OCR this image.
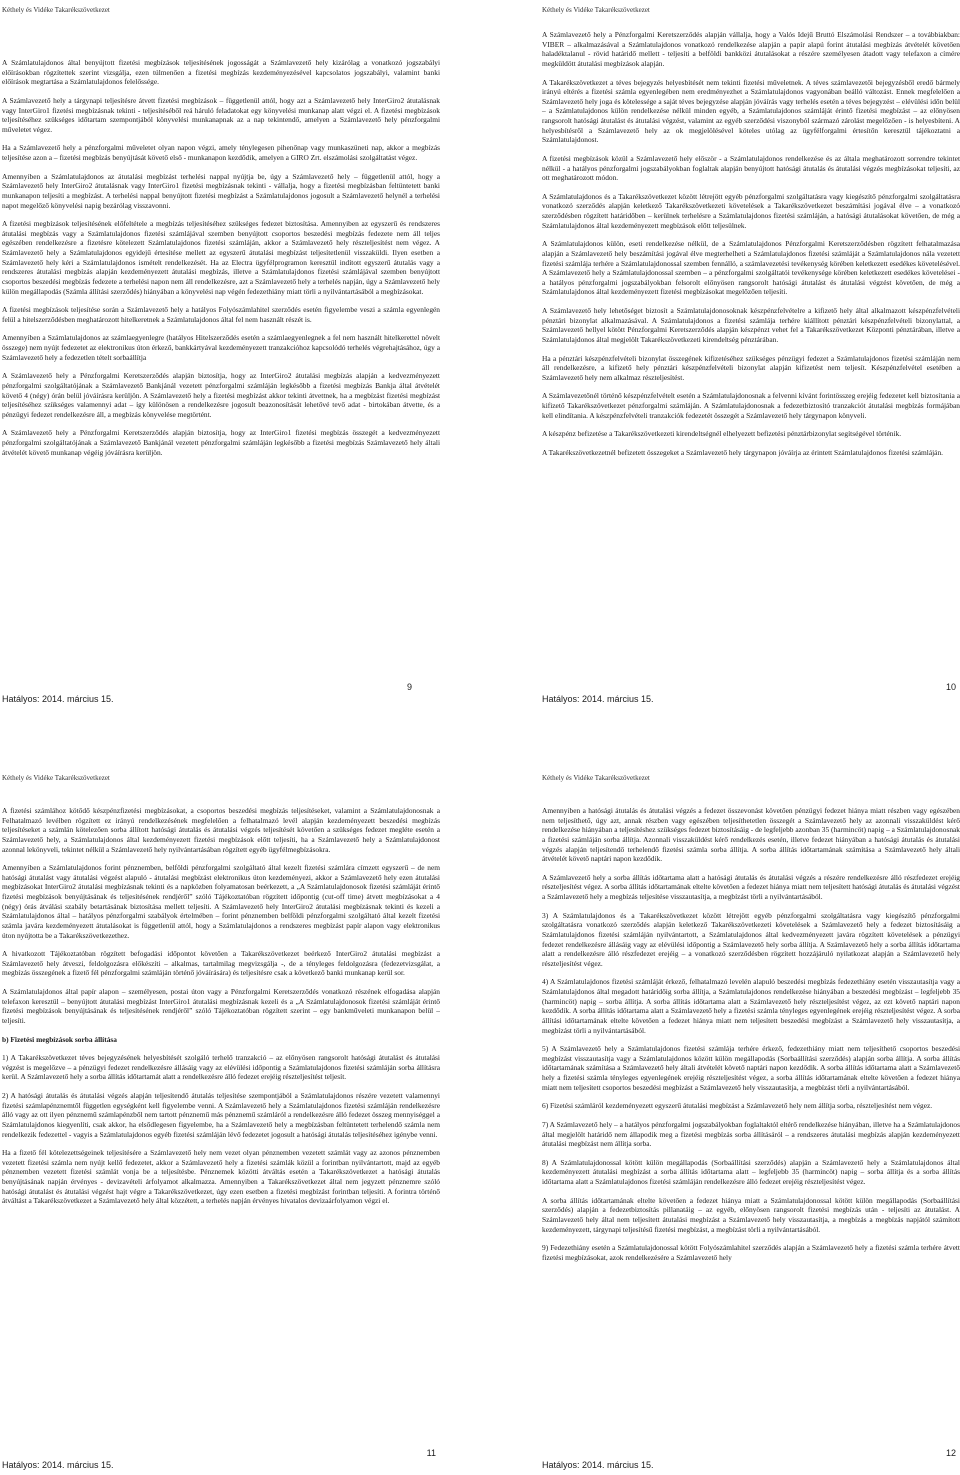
Kéthely és Vidéke Takarékszövetkezet

A Számlatulajdonos által benyújtott fizetési megbízások teljesítésének jogosságát a Számlavezető hely kizárólag a vonatkozó jogszabályi előírásokban rögzítettek szerint vizsgálja, ezen túlmenően a fizetési megbízás kezdeményezésével kapcsolatos jogszabályi, valamint banki előírások megtartása a Számlatulajdonos felelőssége.

A Számlavezető hely a tárgynapi teljesítésre átvett fizetési megbízások – függetlenül attól, hogy azt a Számlavezető hely InterGiro2 átutalásnak vagy InterGiro1 fizetési megbízásnak tekinti - teljesítéséből reá háruló feladatokat egy könyvelési munkanap alatt végzi el. A fizetési megbízások teljesítéséhez szükséges időtartam szempontjából könyvelési munkanapnak az a nap tekintendő, amelyen a Számlavezető hely pénzforgalmi műveletet végez.

Ha a Számlavezető hely a pénzforgalmi műveletet olyan napon végzi, amely ténylegesen pihenőnap vagy munkaszüneti nap, akkor a megbízás teljesítése azon a – fizetési megbízás benyújtását követő első - munkanapon kezdődik, amelyen a GIRO Zrt. elszámolási szolgáltatást végez.

Amennyiben a Számlatulajdonos az átutalási megbízást terhelési nappal nyújtja be, úgy a Számlavezető hely – függetlenül attól, hogy a Számlavezető hely InterGiro2 átutalásnak vagy InterGiro1 fizetési megbízásnak tekinti - vállalja, hogy a fizetési megbízásban feltüntetett banki munkanapon teljesíti a megbízást. A terhelési nappal benyújtott fizetési megbízást a Számlatulajdonos jogosult a Számlavezető helynél a terhelési napot megelőző könyvelési napig bezárólag visszavonni.

A fizetési megbízások teljesítésének előfeltétele a megbízás teljesítéséhez szükséges fedezet biztosítása. Amennyiben az egyszerű és rendszeres átutalási megbízás vagy a Számlatulajdonos fizetési számlájával szemben benyújtott csoportos beszedési megbízás fedezete nem áll teljes egészében rendelkezésre a fizetésre kötelezett Számlatulajdonos fizetési számláján, akkor a Számlavezető hely részteljesítést nem végez. A Számlavezető hely a Számlatulajdonos egyidejű értesítése mellett az egyszerű átutalási megbízást teljesítetlenül visszaküldi. Ilyen esetben a Számlavezető hely kéri a Számlatulajdonos ismételt rendelkezését. Ha az Electra ügyfélprogramon keresztül indított egyszerű átutalás vagy a rendszeres átutalási megbízás alapján kezdeményezett átutalási megbízás, illetve a Számlatulajdonos fizetési számlájával szemben benyújtott csoportos beszedési megbízás fedezete a terhelési napon nem áll rendelkezésre, azt a Számlavezető hely a terhelés napján, úgy a Számlavezető hely külön megállapodás (Számla állítási szerződés) hiányában a könyvelési nap végén fedezethiány miatt törli a nyilvántartásából a megbízásokat.

A fizetési megbízások teljesítése során a Számlavezető hely a hatályos Folyószámlahitel szerződés esetén figyelembe veszi a számla egyenlegén felül a hitelszerződésben meghatározott hitelkeretnek a Számlatulajdonos által fel nem használt részét is.

Amennyiben a Számlatulajdonos az számlaegyenlegre (hatályos Hitelszerződés esetén a számlaegyenlegnek a fel nem használt hitelkerettel növelt összege) nem nyújt fedezetet az elektronikus úton érkező, bankkártyával kezdeményezett tranzakcióhoz kapcsolódó terhelés végrehajtásához, úgy a Számlavezető hely a fedezetlen tételt sorbaállítja

A Számlavezető hely a Pénzforgalmi Keretszerződés alapján biztosítja, hogy az InterGiro2 átutalási megbízás alapján a kedvezményezett pénzforgalmi szolgáltatójának a Számlavezető Bankjánál vezetett pénzforgalmi számláján legkésőbb a fizetési megbízás Bankja által átvételét követő 4 (négy) órán belül jóváírásra kerüljön. A Számlavezető hely a fizetési megbízást akkor tekinti átvettnek, ha a megbízást fizetési megbízást teljesítéséhez szükséges valamennyi adat – így különösen a rendelkezésre jogosult beazonosítását lehetővé tevő adat - birtokában átvette, és a pénzügyi fedezet rendelkezésre áll, a megbízás könyvelése megtörtént.

A Számlavezető hely a Pénzforgalmi Keretszerződés alapján biztosítja, hogy az InterGiro1 fizetési megbízás összegét a kedvezményezett pénzforgalmi szolgáltatójának a Számlavezető Bankjánál vezetett pénzforgalmi számláján legkésőbb a fizetési megbízás Számlavezető hely általi átvételét követő munkanap végéig jóváírásra kerüljön.

9
Hatályos: 2014. március 15.
Kéthely és Vidéke Takarékszövetkezet

A Számlavezető hely a Pénzforgalmi Keretszerződés alapján vállalja, hogy a Valós Idejű Bruttó Elszámolási Rendszer – a továbbiakban: VIBER – alkalmazásával a Számlatulajdonos vonatkozó rendelkezése alapján a papír alapú forint átutalási megbízás átvételét követően haladéktalanul - rövid határidő mellett - teljesíti a belföldi bankközi átutalásokat a részére személyesen átadott vagy telefaxon a címére megküldött átutalási megbízások alapján.

A Takarékszövetkezet a téves bejegyzés helyesbítését nem tekinti fizetési műveletnek. A téves számlavezetői bejegyzésből eredő bármely irányú eltérés a fizetési számla egyenlegében nem eredményezhet a Számlatulajdonos vagyonában beálló változást. Ennek megfelelően a Számlavezető hely joga és kötelessége a saját téves bejegyzése alapján jóváírás vagy terhelés esetén a téves bejegyzést – elévülési időn belül – a Számlatulajdonos külön rendelkezése nélkül minden egyéb, a Számlatulajdonos számláját érintő fizetési megbízást – az előnyösen rangsorolt hatósági átutalást és átutalási végzést, valamint az egyéb szerződési viszonyból származó zárolást megelőzően - is helyesbíteni. A helyesbítésről a Számlavezető hely az ok megjelölésével köteles utólag az ügyfélforgalmi értesítőn keresztül tájékoztatni a Számlatulajdonost.

A fizetési megbízások közül a Számlavezető hely először - a Számlatulajdonos rendelkezése és az általa meghatározott sorrendre tekintet nélkül - a hatályos pénzforgalmi jogszabályokban foglaltak alapján benyújtott hatósági átutalás és átutalási végzés megbízásokat teljesíti, az ott meghatározott módon.

A Számlatulajdonos és a Takarékszövetkezet között létrejött egyéb pénzforgalmi szolgáltatásra vagy kiegészítő pénzforgalmi szolgáltatásra vonatkozó szerződés alapján keletkező Takarékszövetkezeti követelések a Takarékszövetkezet beszámítási jogával élve – a vonatkozó szerződésben rögzített határidőben – kerülnek terhelésre a Számlatulajdonos fizetési számláján, a hatósági átutalásokat követően, de még a Számlatulajdonos által kezdeményezett megbízások előtt teljesülnek.

A Számlatulajdonos külön, eseti rendelkezése nélkül, de a Számlatulajdonos Pénzforgalmi Keretszerződésben rögzített felhatalmazása alapján a Számlavezető hely beszámítási jogával élve megterhelheti a Számlatulajdonos fizetési számláját a Számlatulajdonos nála vezetett fizetési számlája terhére a Számlatulajdonossal szemben fennálló, a számlavezetési tevékenység körében keletkezett esedékes követelésével. A Számlavezető hely a Számlatulajdonossal szemben – a pénzforgalmi szolgáltatói tevékenysége körében keletkezett esedékes követelései - a hatályos pénzforgalmi jogszabályokban felsorolt előnyösen rangsorolt hatósági átutalást és átutalási végzést követően, de még a Számlatulajdonos által kezdeményezett fizetési megbízásokat megelőzően teljesíti.

A Számlavezető hely lehetőséget biztosít a Számlatulajdonosoknak készpénzfelvételre a kifizető hely által alkalmazott készpénzfelvételi pénztári bizonylat alkalmazásával. A Számlatulajdonos a fizetési számlája terhére kiállított pénztári készpénzfelvételi bizonylattal, a Számlavezető hellyel kötött Pénzforgalmi Keretszerződés alapján készpénzt vehet fel a Takarékszövetkezet Központi pénztárában, illetve a Számlatulajdonos által megjelölt Takarékszövetkezeti kirendeltség pénztárában.

Ha a pénztári készpénzfelvételi bizonylat összegének kifizetéséhez szükséges pénzügyi fedezet a Számlatulajdonos fizetési számláján nem áll rendelkezésre, a kifizető hely pénztári készpénzfelvételi bizonylat alapján kifizetést nem teljesít. Készpénzfelvétel esetében a Számlavezető hely nem alkalmaz részteljesítést.

A Számlavezetőnél történő készpénzfelvételt esetén a Számlatulajdonosnak a felvenni kívánt forintösszeg erejéig fedezetet kell biztosítania a kifizető Takarékszövetkezet pénzforgalmi számláján. A Számlatulajdonosnak a fedezetbiztosító tranzakciót átutalási megbízás formájában kell elindítania. A készpénzfelvételi tranzakciók fedezetét összegét a Számlavezető hely tárgynapon könyveli.

A készpénz befizetése a Takarékszövetkezeti kirendeltségnél elhelyezett befizetési pénztárbizonylat segítségével történik.

A Takarékszövetkezetnél befizetett összegeket a Számlavezető hely tárgynapon jóváírja az érintett Számlatulajdonos fizetési számláján.

10
Hatályos: 2014. március 15.
Kéthely és Vidéke Takarékszövetkezet

A fizetési számlához kötődő készpénzfizetési megbízásokat, a csoportos beszedési megbízás teljesítéseket, valamint a Számlatulajdonosnak a Felhatalmazó levélben rögzített ez irányú rendelkezésének megfelelően a felhatalmazó levél alapján kezdeményezett beszedési megbízás teljesítéseket a számlán kötelezően sorba állított hatósági átutalás és átutalási végzés teljesítését követően a szükséges fedezet megléte esetén a Számlavezető hely, a Számlatulajdonos által kezdeményezett fizetési megbízások előtt teljesíti, ha a Számlavezető hely a Számlatulajdonost azonnal lekönyveli, tekintet nélkül a Számlavezető hely nyilvántartásában rögzített egyéb ügyfélmegbízásokra.

Amennyiben a Számlatulajdonos forint pénznemben, belföldi pénzforgalmi szolgáltató által kezelt fizetési számlára címzett egyszerű – de nem hatósági átutalást vagy átutalási végzést alapuló - átutalási megbízást elektronikus úton kezdeményezi, akkor a Számlavezető hely ezen átutalási megbízásokat InterGiro2 átutalási megbízásnak tekinti és a napközben folyamatosan beérkezett, a „A Számlatulajdonosok fizetési számláját érintő fizetési megbízások benyújtásának és teljesítésének rendjéről” szóló Tájékoztatóban rögzített időpontig (cut-off time) átvett megbízásokat a 4 (négy) órás átválási szabály betartásának biztosítása mellett teljesíti. A Számlavezető hely InterGiro2 átutalási megbízásnak tekinti és kezeli a Számlatulajdonos által – hatályos pénzforgalmi szabályok értelmében – forint pénznemben belföldi pénzforgalmi szolgáltató által kezelt fizetési számla javára kezdeményezett átutalásokat is függetlenül attól, hogy a Számlatulajdonos a rendszeres megbízást papír alapon vagy elektronikus úton nyújtotta be a Takarékszövetkezethez.

A hivatkozott Tájékoztatóban rögzített befogadási időpontot követően a Takarékszövetkezet beérkező InterGiro2 átutalási megbízást a Számlavezető hely átveszi, feldolgozásra előkészíti – alkalmas, tartalmilag megvizsgálja -, de a tényleges feldolgozásra (fedezetvizsgálat, a megbízás összegének a fizető fél pénzforgalmi számláján történő jóváírására) és teljesítésre csak a következő banki munkanap kerül sor.

A Számlatulajdonos által papír alapon – személyesen, postai úton vagy a Pénzforgalmi Keretszerződés vonatkozó részének elfogadása alapján telefaxon keresztül – benyújtott átutalási megbízást InterGiro1 átutalási megbízásnak kezeli és a „A Számlatulajdonosok fizetési számláját érintő fizetési megbízások benyújtásának és teljesítésének rendjéről” szóló Tájékoztatóban rögzített szerint – egy bankműveleti munkanapon belül – teljesíti.

b) Fizetési megbízások sorba állítása

1) A Takarékszövetkezet téves bejegyzésének helyesbítését szolgáló terhelő tranzakció – az előnyösen rangsorolt hatósági átutalást és átutalási végzést is megelőzve – a pénzügyi fedezet rendelkezésre állásáig vagy az elévülési időpontig a Számlatulajdonos fizetési számláján sorba állításra kerül. A Számlavezető hely a sorba állítás időtartamát alatt a rendelkezésre álló fedezet erejéig részteljesítést teljesít.

2) A hatósági átutalás és átutalási végzés alapján teljesítendő átutalás teljesítése szempontjából a Számlatulajdonos részére vezetett valamennyi fizetési számlapénznemtől független egységként kell figyelembe venni. A Számlavezető hely a Számlatulajdonos fizetési számláján rendelkezésre álló vagy az ott ilyen pénznemű számlapénzből nem tartott pénznemű más pénznemű számláról a rendelkezésre álló fedezet összeg mennyiséggel a Számlatulajdonos kiegyenlíti, csak akkor, ha elsődlegesen figyelembe, ha a Számlavezető hely a megbízásban feltüntetett terhelendő számla nem rendelkezik fedezettel - vagyis a Számlatulajdonos egyéb fizetési számláján lévő fedezetet jogosult a hatósági átutalás teljesítéséhez igénybe venni.

Ha a fizető fél kötelezettségeinek teljesítésére a Számlavezető hely nem vezet olyan pénznemben vezetett számlát vagy az azonos pénznemben vezetett fizetési számla nem nyújt kellő fedezetet, akkor a Számlavezető hely a fizetési számlák közül a forintban nyilvántartott, majd az egyéb pénznemben vezetett fizetési számlát vonja be a teljesítésbe. Pénznemek közötti átváltás esetén a Takarékszövetkezet a hatósági átutalás benyújtásának napján érvényes - devizavételi árfolyamot alkalmazza. Amennyiben a Takarékszövetkezet által nem jegyzett pénznemre szóló hatósági átutalást és átutalási végzést hajt végre a Takarékszövetkezet, úgy ezen esetben a fizetési megbízást forintban teljesíti. A forintra történő átváltást a Takarékszövetkezet a Számlavezető hely által közzétett, a terhelés napján érvényes hivatalos devizaárfolyamon végzi el.

11
Hatályos: 2014. március 15.
Kéthely és Vidéke Takarékszövetkezet

Amennyiben a hatósági átutalás és átutalási végzés a fedezet összevonást követően pénzügyi fedezet hiánya miatt részben vagy egészében nem teljesíthető, úgy azt, annak részben vagy egészében teljesíthetetlen összegét a Számlavezető hely az azonnali visszaküldést kérő rendelkezése hiányában a teljesítéshez szükséges fedezet biztosításáig - de legfeljebb azonban 35 (harmincöt) napig – a Számlatulajdonosnak a fizetési számláján sorba állítja. Azonnali visszaküldést kérő rendelkezés esetén, illetve fedezet hiányában a hatósági átutalás és átutalási végzés alapján teljesítendő terhelendő fizetési számla sorba állítja. A sorba állítás időtartamának számítása a Számlavezető hely általi átvételét követő naptári napon kezdődik.

A Számlavezető hely a sorba állítás időtartama alatt a hatósági átutalás és átutalási végzés a részére rendelkezésre álló részfedezet erejéig részteljesítést végez. A sorba állítás időtartamának eltelte követően a fedezet hiánya miatt nem teljesített hatósági átutalás és átutalási végzést a Számlavezető hely a megbízás teljesítése visszautasítja, a megbízást törli a nyilvántartásából.

3) A Számlatulajdonos és a Takarékszövetkezet között létrejött egyéb pénzforgalmi szolgáltatásra vagy kiegészítő pénzforgalmi szolgáltatásra vonatkozó szerződés alapján keletkező Takarékszövetkezeti követelések a Számlavezető hely a fedezet biztosításáig a Számlatulajdonos fizetési számláján nyilvántartott, a Számlatulajdonos által kedvezményezett javára rögzített követelések a pénzügyi fedezet rendelkezésre állásáig vagy az elévülési időpontig a Számlavezető hely sorba állítja. A Számlavezető hely a sorba állítás időtartama alatt a rendelkezésre álló részfedezet erejéig – a vonatkozó szerződésben rögzített hozzájáruló nyilatkozat alapján a Számlavezető hely részteljesítést végez.

4) A Számlatulajdonos fizetési számláját érkező, felhatalmazó levelén alapuló beszedési megbízás fedezethiány esetén visszautasítja vagy a Számlatulajdonos által megadott határidőig sorba állítja, a Számlatulajdonos rendelkezése hiányában a beszedési megbízást – legfeljebb 35 (harmincöt) napig – sorba állítja. A sorba állítás időtartama alatt a Számlavezető hely részteljesítést végez, az ezt követő naptári napon kezdődik. A sorba állítás időtartama alatt a Számlavezető hely a fizetési számla tényleges egyenlegének erejéig részteljesítést végez. A sorba állítási időtartamának eltelte követően a fedezet hiánya miatt nem teljesített beszedési megbízást a Számlavezető hely visszautasítja, a megbízást törli a nyilvántartásából.

5) A Számlavezető hely a Számlatulajdonos fizetési számlája terhére érkező, fedezethiány miatt nem teljesíthető csoportos beszedési megbízást visszautasítja vagy a Számlatulajdonos között külön megállapodás (Sorbaállítási szerződés) alapján sorba állítja. A sorba állítás időtartamának számítása a Számlavezető hely általi átvételét követő naptári napon kezdődik. A sorba állítás időtartama alatt a Számlavezető hely a fizetési számla tényleges egyenlegének erejéig részteljesítést végez, a sorba állítás időtartamának eltelte követően a fedezet hiánya miatt nem teljesített csoportos beszedési megbízást a Számlavezető hely visszautasítja, a megbízást törli a nyilvántartásából.

6) Fizetési számláról kezdeményezett egyszerű átutalási megbízást a Számlavezető hely nem állítja sorba, részteljesítést nem végez.

7) A Számlavezető hely – a hatályos pénzforgalmi jogszabályokban foglaltaktól eltérő rendelkezése hiányában, illetve ha a Számlatulajdonos által megjelölt határidő nem állapodik meg a fizetési megbízás sorba állításáról – a rendszeres átutalási megbízás alapján kezdeményezett átutalási megbízást nem állítja sorba.

8) A Számlatulajdonossal kötött külön megállapodás (Sorbaállítási szerződés) alapján a Számlavezető hely a Számlatulajdonos által kezdeményezett átutalási megbízást a sorba állítás időtartama alatt – legfeljebb 35 (harmincöt) napig – sorba állítja és a sorba állítás időtartama alatt a Számlatulajdonos fizetési számláján rendelkezésre álló fedezet erejéig részteljesítést végez.

A sorba állítás időtartamának eltelte követően a fedezet hiánya miatt a Számlatulajdonossal kötött külön megállapodás (Sorbaállítási szerződés) alapján a fedezetbiztosítás pillanatáig – az egyéb, előnyösen rangsorolt fizetési megbízás után - teljesíti az átutalást. A Számlavezető hely által nem teljesített átutalási megbízást a Számlavezető hely visszautasítja, a megbízás a megbízás napjától számított kezdeményezett, tárgynapi teljesítésű fizetési megbízást, a megbízást törli a nyilvántartásából.

9) Fedezethiány esetén a Számlatulajdonossal kötött Folyószámlahitel szerződés alapján a Számlavezető hely a fizetési számla terhére átvett fizetési megbízásokat, azok rendelkezésére a Számlavezető hely

12
Hatályos: 2014. március 15.
